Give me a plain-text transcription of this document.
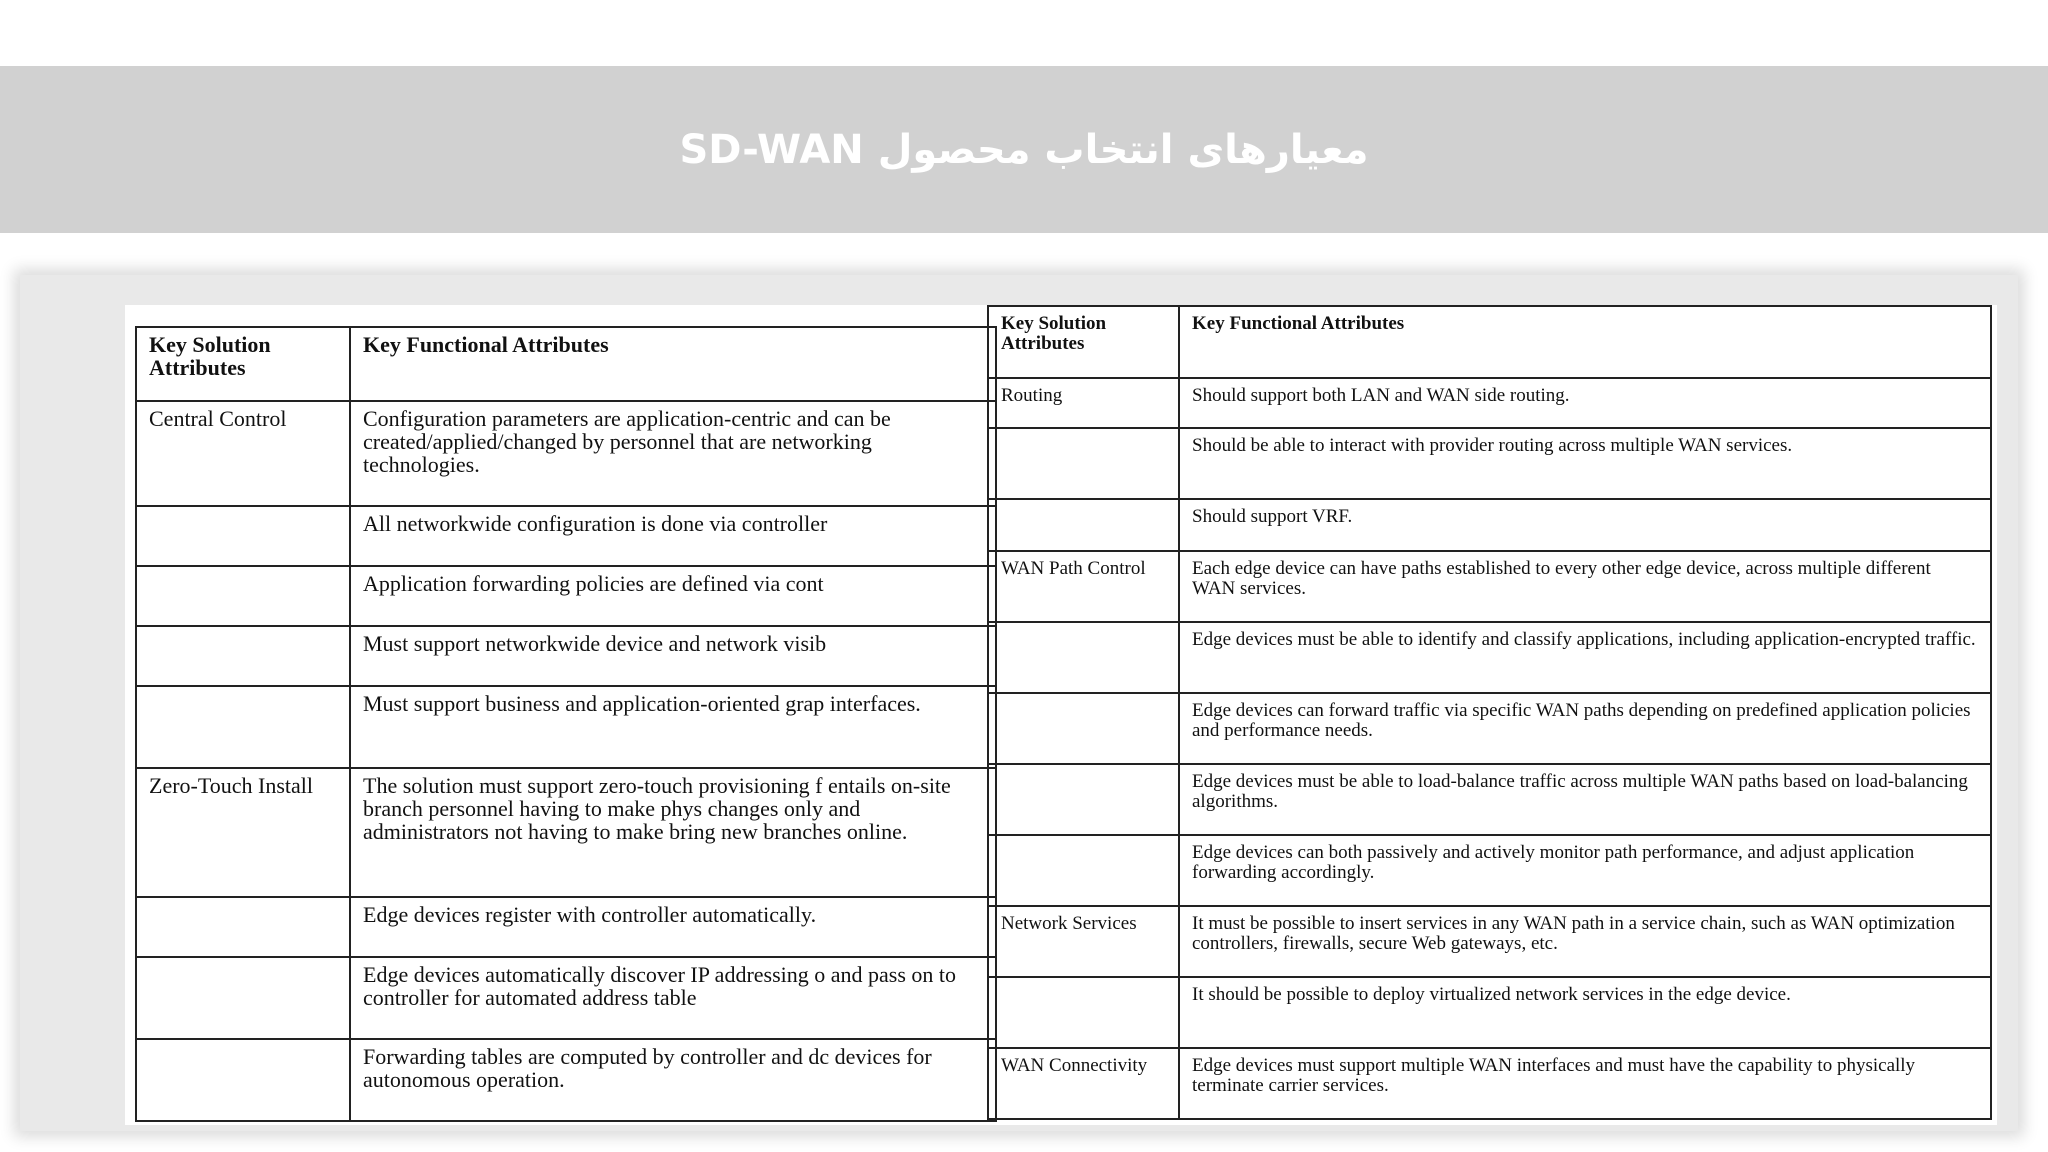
معیارهای انتخاب محصول SD-WAN
Key Solution Attributes	Key Functional Attributes
Central Control	Configuration parameters are application-centric and can be created/applied/changed by personnel that are networking technologies.
	All networkwide configuration is done via controller
	Application forwarding policies are defined via cont
	Must support networkwide device and network visib
	Must support business and application-oriented grap interfaces.
Zero-Touch Install	The solution must support zero-touch provisioning f entails on-site branch personnel having to make phys changes only and administrators not having to make bring new branches online.
	Edge devices register with controller automatically.
	Edge devices automatically discover IP addressing o and pass on to controller for automated address table
	Forwarding tables are computed by controller and dc devices for autonomous operation.
Key Solution Attributes	Key Functional Attributes
Routing	Should support both LAN and WAN side routing.
	Should be able to interact with provider routing across multiple WAN services.
	Should support VRF.
WAN Path Control	Each edge device can have paths established to every other edge device, across multiple different WAN services.
	Edge devices must be able to identify and classify applications, including application-encrypted traffic.
	Edge devices can forward traffic via specific WAN paths depending on predefined application policies and performance needs.
	Edge devices must be able to load-balance traffic across multiple WAN paths based on load-balancing algorithms.
	Edge devices can both passively and actively monitor path performance, and adjust application forwarding accordingly.
Network Services	It must be possible to insert services in any WAN path in a service chain, such as WAN optimization controllers, firewalls, secure Web gateways, etc.
	It should be possible to deploy virtualized network services in the edge device.
WAN Connectivity	Edge devices must support multiple WAN interfaces and must have the capability to physically terminate carrier services.
